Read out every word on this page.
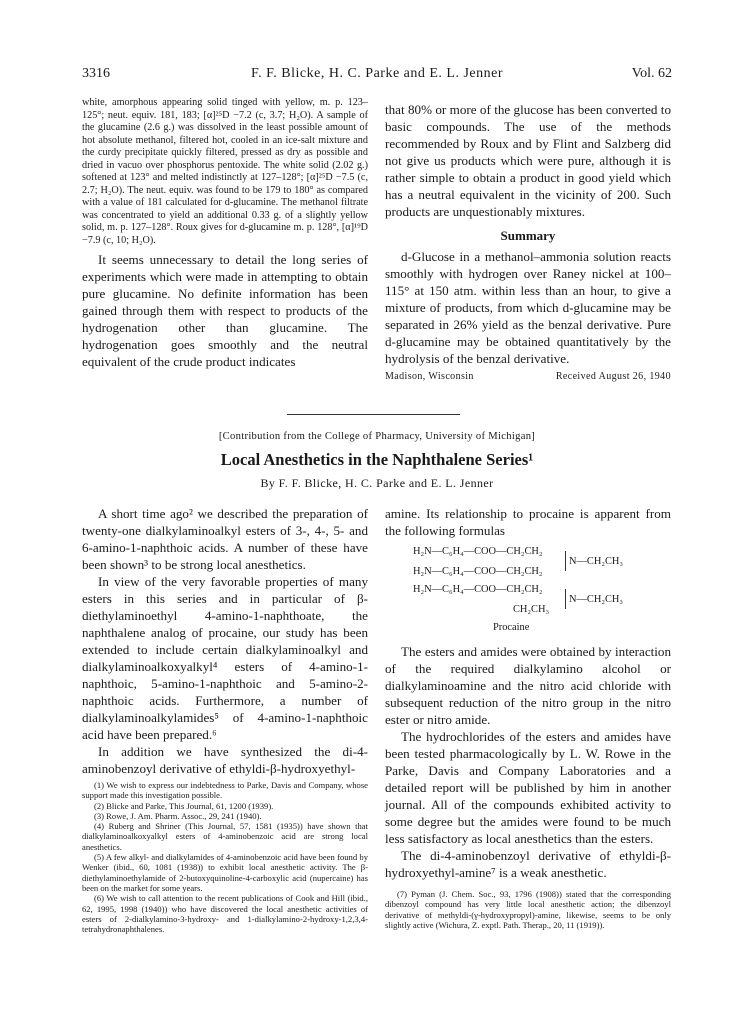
3316	F. F. Blicke, H. C. Parke and E. L. Jenner	Vol. 62

white, amorphous appearing solid tinged with yellow, m. p. 123–125°; neut. equiv. 181, 183; [α]²⁵D −7.2 (c, 3.7; H₂O). A sample of the glucamine (2.6 g.) was dissolved in the least possible amount of hot absolute methanol, filtered hot, cooled in an ice-salt mixture and the curdy precipitate quickly filtered, pressed as dry as possible and dried in vacuo over phosphorus pentoxide. The white solid (2.02 g.) softened at 123° and melted indistinctly at 127–128°; [α]²⁵D −7.5 (c, 2.7; H₂O). The neut. equiv. was found to be 179 to 180° as compared with a value of 181 calculated for d-glucamine. The methanol filtrate was concentrated to yield an additional 0.33 g. of a slightly yellow solid, m. p. 127–128°. Roux gives for d-glucamine m. p. 128°, [α]¹⁹D −7.9 (c, 10; H₂O).

It seems unnecessary to detail the long series of experiments which were made in attempting to obtain pure glucamine. No definite information has been gained through them with respect to products of the hydrogenation other than glucamine. The hydrogenation goes smoothly and the neutral equivalent of the crude product indicates

that 80% or more of the glucose has been converted to basic compounds. The use of the methods recommended by Roux and by Flint and Salzberg did not give us products which were pure, although it is rather simple to obtain a product in good yield which has a neutral equivalent in the vicinity of 200. Such products are unquestionably mixtures.

Summary

d-Glucose in a methanol–ammonia solution reacts smoothly with hydrogen over Raney nickel at 100–115° at 150 atm. within less than an hour, to give a mixture of products, from which d-glucamine may be separated in 26% yield as the benzal derivative. Pure d-glucamine may be obtained quantitatively by the hydrolysis of the benzal derivative.

Madison, Wisconsin	Received August 26, 1940
[Contribution from the College of Pharmacy, University of Michigan]
Local Anesthetics in the Naphthalene Series¹
By F. F. Blicke, H. C. Parke and E. L. Jenner

A short time ago² we described the preparation of twenty-one dialkylaminoalkyl esters of 3-, 4-, 5- and 6-amino-1-naphthoic acids. A number of these have been shown³ to be strong local anesthetics.

In view of the very favorable properties of many esters in this series and in particular of β-diethylaminoethyl 4-amino-1-naphthoate, the naphthalene analog of procaine, our study has been extended to include certain dialkylaminoalkyl and dialkylaminoalkoxyalkyl⁴ esters of 4-amino-1-naphthoic, 5-amino-1-naphthoic and 5-amino-2-naphthoic acids. Furthermore, a number of dialkylaminoalkylamides⁵ of 4-amino-1-naphthoic acid have been prepared.⁶

In addition we have synthesized the di-4-aminobenzoyl derivative of ethyldi-β-hydroxyethyl-

(1) We wish to express our indebtedness to Parke, Davis and Company, whose support made this investigation possible.

(2) Blicke and Parke, This Journal, 61, 1200 (1939).

(3) Rowe, J. Am. Pharm. Assoc., 29, 241 (1940).

(4) Ruberg and Shriner (This Journal, 57, 1581 (1935)) have shown that dialkylaminoalkoxyalkyl esters of 4-aminobenzoic acid are strong local anesthetics.

(5) A few alkyl- and dialkylamides of 4-aminobenzoic acid have been found by Wenker (ibid., 60, 1081 (1938)) to exhibit local anesthetic activity. The β-diethylaminoethylamide of 2-butoxyquinoline-4-carboxylic acid (nupercaine) has been on the market for some years.

(6) We wish to call attention to the recent publications of Cook and Hill (ibid., 62, 1995, 1998 (1940)) who have discovered the local anesthetic activities of esters of 2-dialkylamino-3-hydroxy- and 1-dialkylamino-2-hydroxy-1,2,3,4-tetrahydronaphthalenes.

amine. Its relationship to procaine is apparent from the following formulas

H₂N—C₆H₄—COO—CH₂CH₂
H₂N—C₆H₄—COO—CH₂CH₂
N—CH₂CH₃
H₂N—C₆H₄—COO—CH₂CH₂
CH₂CH₃
N—CH₂CH₃
Procaine

The esters and amides were obtained by interaction of the required dialkylamino alcohol or dialkylaminoamine and the nitro acid chloride with subsequent reduction of the nitro group in the nitro ester or nitro amide.

The hydrochlorides of the esters and amides have been tested pharmacologically by L. W. Rowe in the Parke, Davis and Company Laboratories and a detailed report will be published by him in another journal. All of the compounds exhibited activity to some degree but the amides were found to be much less satisfactory as local anesthetics than the esters.

The di-4-aminobenzoyl derivative of ethyldi-β-hydroxyethyl-amine⁷ is a weak anesthetic.

(7) Pyman (J. Chem. Soc., 93, 1796 (1908)) stated that the corresponding dibenzoyl compound has very little local anesthetic action; the dibenzoyl derivative of methyldi-(γ-hydroxypropyl)-amine, likewise, seems to be only slightly active (Wichura, Z. exptl. Path. Therap., 20, 11 (1919)).
